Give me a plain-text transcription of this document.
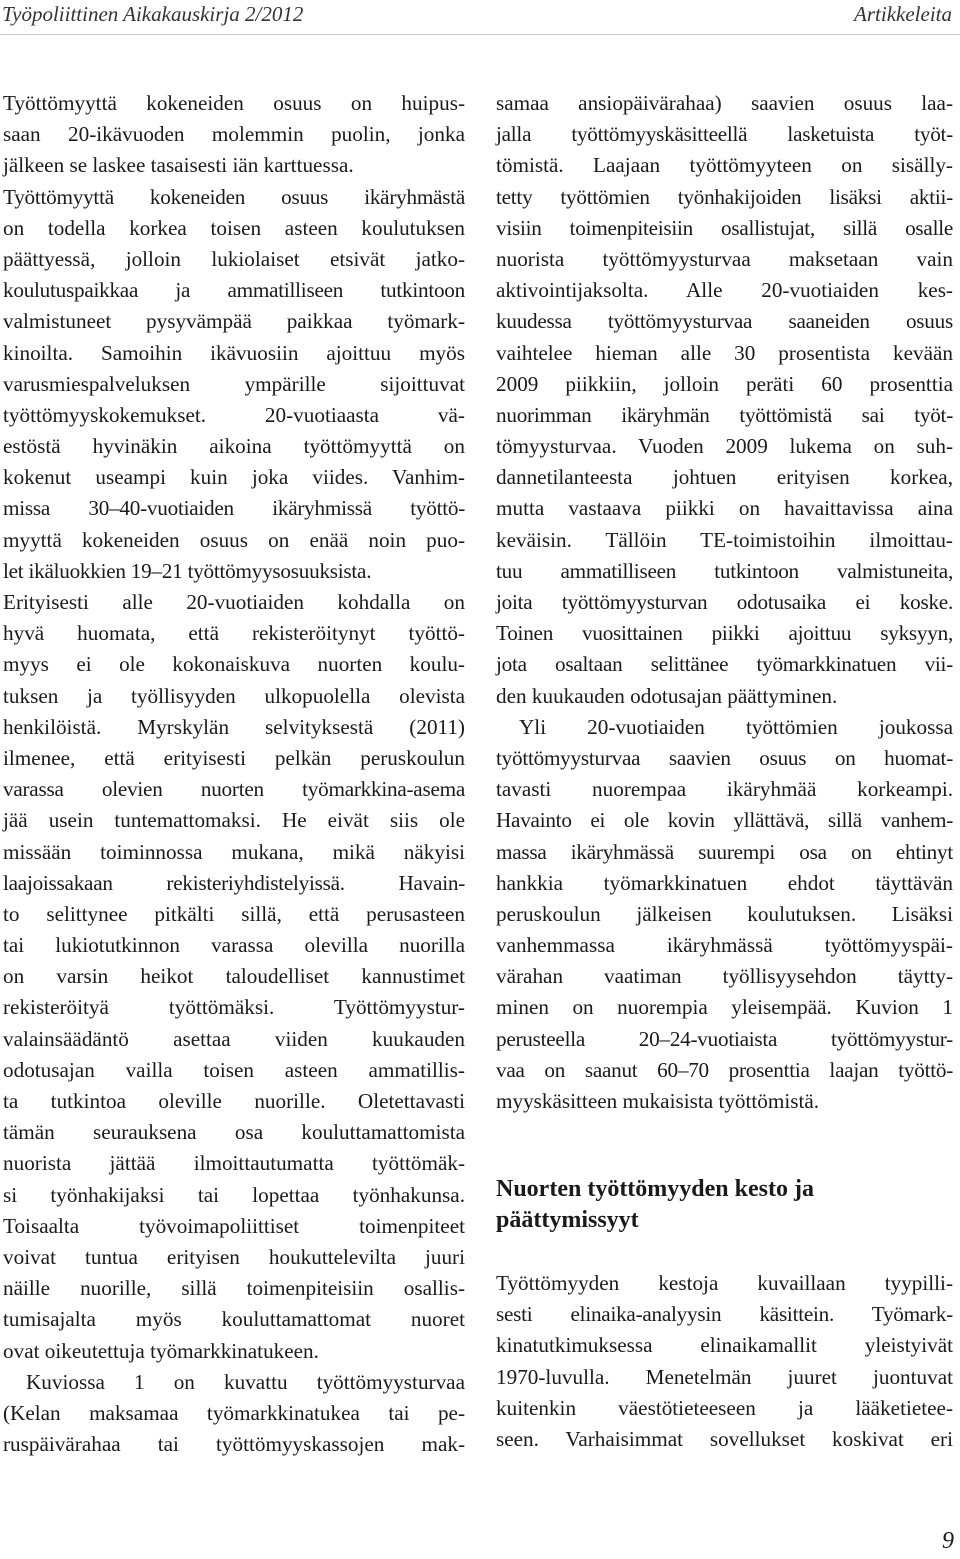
Työpoliittinen Aikakauskirja 2/2012	Artikkeleita
Työttömyyttä kokeneiden osuus on huipus-
saan 20-ikävuoden molemmin puolin, jonka
jälkeen se laskee tasaisesti iän karttuessa.
Työttömyyttä kokeneiden osuus ikäryhmästä
on todella korkea toisen asteen koulutuksen
päättyessä, jolloin lukiolaiset etsivät jatko-
koulutuspaikkaa ja ammatilliseen tutkintoon
valmistuneet pysyvämpää paikkaa työmark-
kinoilta. Samoihin ikävuosiin ajoittuu myös
varusmiespalveluksen ympärille sijoittuvat
työttömyyskokemukset. 20-vuotiaasta vä-
estöstä hyvinäkin aikoina työttömyyttä on
kokenut useampi kuin joka viides. Vanhim-
missa 30–40-vuotiaiden ikäryhmissä työttö-
myyttä kokeneiden osuus on enää noin puo-
let ikäluokkien 19–21 työttömyysosuuksista.
Erityisesti alle 20-vuotiaiden kohdalla on
hyvä huomata, että rekisteröitynyt työttö-
myys ei ole kokonaiskuva nuorten koulu-
tuksen ja työllisyyden ulkopuolella olevista
henkilöistä. Myrskylän selvityksestä (2011)
ilmenee, että erityisesti pelkän peruskoulun
varassa olevien nuorten työmarkkina-asema
jää usein tuntemattomaksi. He eivät siis ole
missään toiminnossa mukana, mikä näkyisi
laajoissakaan rekisteriyhdistelyissä. Havain-
to selittynee pitkälti sillä, että perusasteen
tai lukiotutkinnon varassa olevilla nuorilla
on varsin heikot taloudelliset kannustimet
rekisteröityä työttömäksi. Työttömyystur-
valainsäädäntö asettaa viiden kuukauden
odotusajan vailla toisen asteen ammatillis-
ta tutkintoa oleville nuorille. Oletettavasti
tämän seurauksena osa kouluttamattomista
nuorista jättää ilmoittautumatta työttömäk-
si työnhakijaksi tai lopettaa työnhakunsa.
Toisaalta työvoimapoliittiset toimenpiteet
voivat tuntua erityisen houkuttelevilta juuri
näille nuorille, sillä toimenpiteisiin osallis-
tumisajalta myös kouluttamattomat nuoret
ovat oikeutettuja työmarkkinatukeen.
Kuviossa 1 on kuvattu työttömyysturvaa
(Kelan maksamaa työmarkkinatukea tai pe-
ruspäivärahaa tai työttömyyskassojen mak-
samaa ansiopäivärahaa) saavien osuus laa-
jalla työttömyyskäsitteellä lasketuista työt-
tömistä. Laajaan työttömyyteen on sisälly-
tetty työttömien työnhakijoiden lisäksi aktii-
visiin toimenpiteisiin osallistujat, sillä osalle
nuorista työttömyysturvaa maksetaan vain
aktivointijaksolta. Alle 20-vuotiaiden kes-
kuudessa työttömyysturvaa saaneiden osuus
vaihtelee hieman alle 30 prosentista kevään
2009 piikkiin, jolloin peräti 60 prosenttia
nuorimman ikäryhmän työttömistä sai työt-
tömyysturvaa. Vuoden 2009 lukema on suh-
dannetilanteesta johtuen erityisen korkea,
mutta vastaava piikki on havaittavissa aina
keväisin. Tällöin TE-toimistoihin ilmoittau-
tuu ammatilliseen tutkintoon valmistuneita,
joita työttömyysturvan odotusaika ei koske.
Toinen vuosittainen piikki ajoittuu syksyyn,
jota osaltaan selittänee työmarkkinatuen vii-
den kuukauden odotusajan päättyminen.
Yli 20-vuotiaiden työttömien joukossa
työttömyysturvaa saavien osuus on huomat-
tavasti nuorempaa ikäryhmää korkeampi.
Havainto ei ole kovin yllättävä, sillä vanhem-
massa ikäryhmässä suurempi osa on ehtinyt
hankkia työmarkkinatuen ehdot täyttävän
peruskoulun jälkeisen koulutuksen. Lisäksi
vanhemmassa ikäryhmässä työttömyyspäi-
värahan vaatiman työllisyysehdon täytty-
minen on nuorempia yleisempää. Kuvion 1
perusteella 20–24-vuotiaista työttömyystur-
vaa on saanut 60–70 prosenttia laajan työttö-
myyskäsitteen mukaisista työttömistä.
Nuorten työttömyyden kesto ja
päättymissyyt
Työttömyyden kestoja kuvaillaan tyypilli-
sesti elinaika-analyysin käsittein. Työmark-
kinatutkimuksessa elinaikamallit yleistyivät
1970-luvulla. Menetelmän juuret juontuvat
kuitenkin väestötieteeseen ja lääketietee-
seen. Varhaisimmat sovellukset koskivat eri
9
